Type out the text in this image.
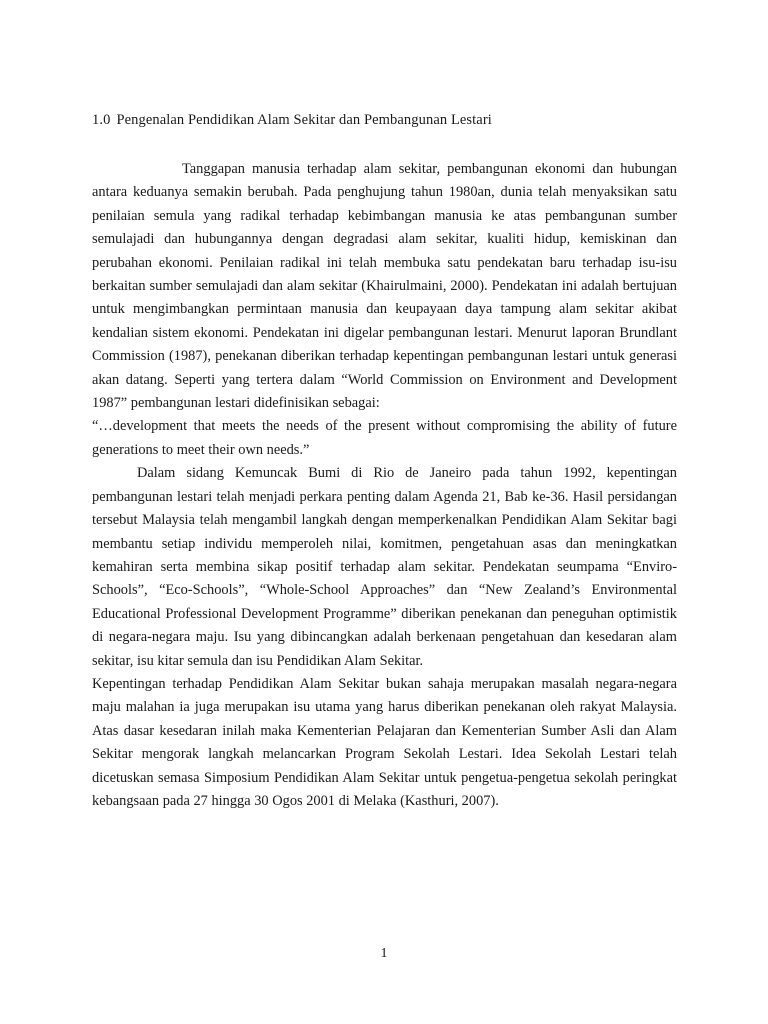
1.0 Pengenalan Pendidikan Alam Sekitar dan Pembangunan Lestari

Tanggapan manusia terhadap alam sekitar, pembangunan ekonomi dan hubungan antara keduanya semakin berubah. Pada penghujung tahun 1980an, dunia telah menyaksikan satu penilaian semula yang radikal terhadap kebimbangan manusia ke atas pembangunan sumber semulajadi dan hubungannya dengan degradasi alam sekitar, kualiti hidup, kemiskinan dan perubahan ekonomi. Penilaian radikal ini telah membuka satu pendekatan baru terhadap isu-isu berkaitan sumber semulajadi dan alam sekitar (Khairulmaini, 2000). Pendekatan ini adalah bertujuan untuk mengimbangkan permintaan manusia dan keupayaan daya tampung alam sekitar akibat kendalian sistem ekonomi. Pendekatan ini digelar pembangunan lestari. Menurut laporan Brundlant Commission (1987), penekanan diberikan terhadap kepentingan pembangunan lestari untuk generasi akan datang. Seperti yang tertera dalam “World Commission on Environment and Development 1987” pembangunan lestari didefinisikan sebagai:

“…development that meets the needs of the present without compromising the ability of future generations to meet their own needs.”

Dalam sidang Kemuncak Bumi di Rio de Janeiro pada tahun 1992, kepentingan pembangunan lestari telah menjadi perkara penting dalam Agenda 21, Bab ke-36. Hasil persidangan tersebut Malaysia telah mengambil langkah dengan memperkenalkan Pendidikan Alam Sekitar bagi membantu setiap individu memperoleh nilai, komitmen, pengetahuan asas dan meningkatkan kemahiran serta membina sikap positif terhadap alam sekitar. Pendekatan seumpama “Enviro-Schools”, “Eco-Schools”, “Whole-School Approaches” dan “New Zealand’s Environmental Educational Professional Development Programme” diberikan penekanan dan peneguhan optimistik di negara-negara maju. Isu yang dibincangkan adalah berkenaan pengetahuan dan kesedaran alam sekitar, isu kitar semula dan isu Pendidikan Alam Sekitar.

Kepentingan terhadap Pendidikan Alam Sekitar bukan sahaja merupakan masalah negara-negara maju malahan ia juga merupakan isu utama yang harus diberikan penekanan oleh rakyat Malaysia. Atas dasar kesedaran inilah maka Kementerian Pelajaran dan Kementerian Sumber Asli dan Alam Sekitar mengorak langkah melancarkan Program Sekolah Lestari. Idea Sekolah Lestari telah dicetuskan semasa Simposium Pendidikan Alam Sekitar untuk pengetua-pengetua sekolah peringkat kebangsaan pada 27 hingga 30 Ogos 2001 di Melaka (Kasthuri, 2007).

1
